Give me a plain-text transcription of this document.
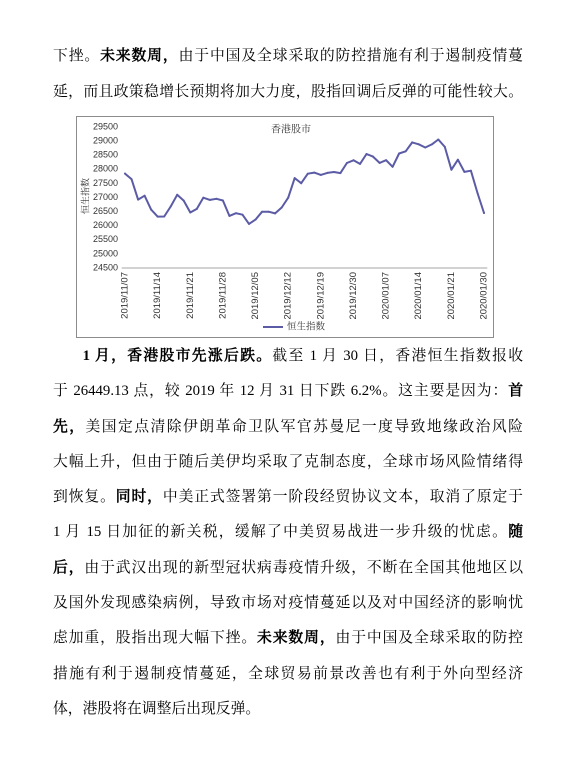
下挫。未来数周，由于中国及全球采取的防控措施有利于遏制疫情蔓
延，而且政策稳增长预期将加大力度，股指回调后反弹的可能性较大。
香港股市
恒生指数
24500
25000
25500
26000
26500
27000
27500
28000
28500
29000
29500
2019/11/07 2019/11/14 2019/11/21 2019/11/28 2019/12/05 2019/12/12 2019/12/19 2019/12/30 2020/01/07 2020/01/14 2020/01/21 2020/01/30
恒生指数
1 月，香港股市先涨后跌。截至 1 月 30 日，香港恒生指数报收
于 26449.13 点，较 2019 年 12 月 31 日下跌 6.2%。这主要是因为：首
先，美国定点清除伊朗革命卫队军官苏曼尼一度导致地缘政治风险
大幅上升，但由于随后美伊均采取了克制态度，全球市场风险情绪得
到恢复。同时，中美正式签署第一阶段经贸协议文本，取消了原定于
1 月 15 日加征的新关税，缓解了中美贸易战进一步升级的忧虑。随
后，由于武汉出现的新型冠状病毒疫情升级，不断在全国其他地区以
及国外发现感染病例，导致市场对疫情蔓延以及对中国经济的影响忧
虑加重，股指出现大幅下挫。未来数周，由于中国及全球采取的防控
措施有利于遏制疫情蔓延，全球贸易前景改善也有利于外向型经济
体，港股将在调整后出现反弹。
